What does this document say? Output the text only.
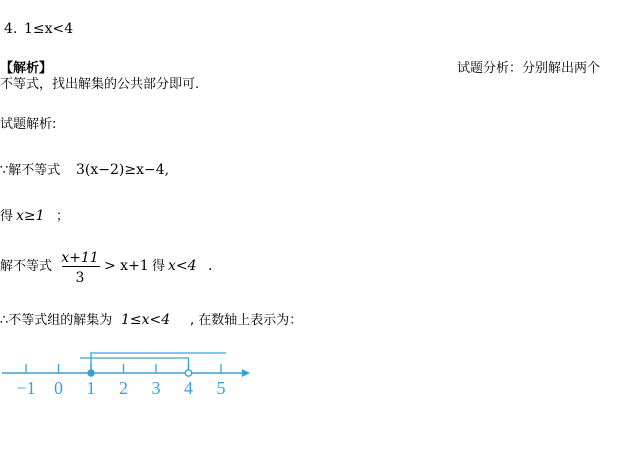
4. 1≤x<4
【解析】	试题分析：分别解出两个
不等式，找出解集的公共部分即可.
试题解析:
∵解不等式 3(x−2)≥x−4,
得 x≥1 ；
解不等式
x+11
3
> x+1 得 x<4 .
∴不等式组的解集为 1≤x<4 , 在数轴上表示为：
−1 0 1 2 3 4 5
